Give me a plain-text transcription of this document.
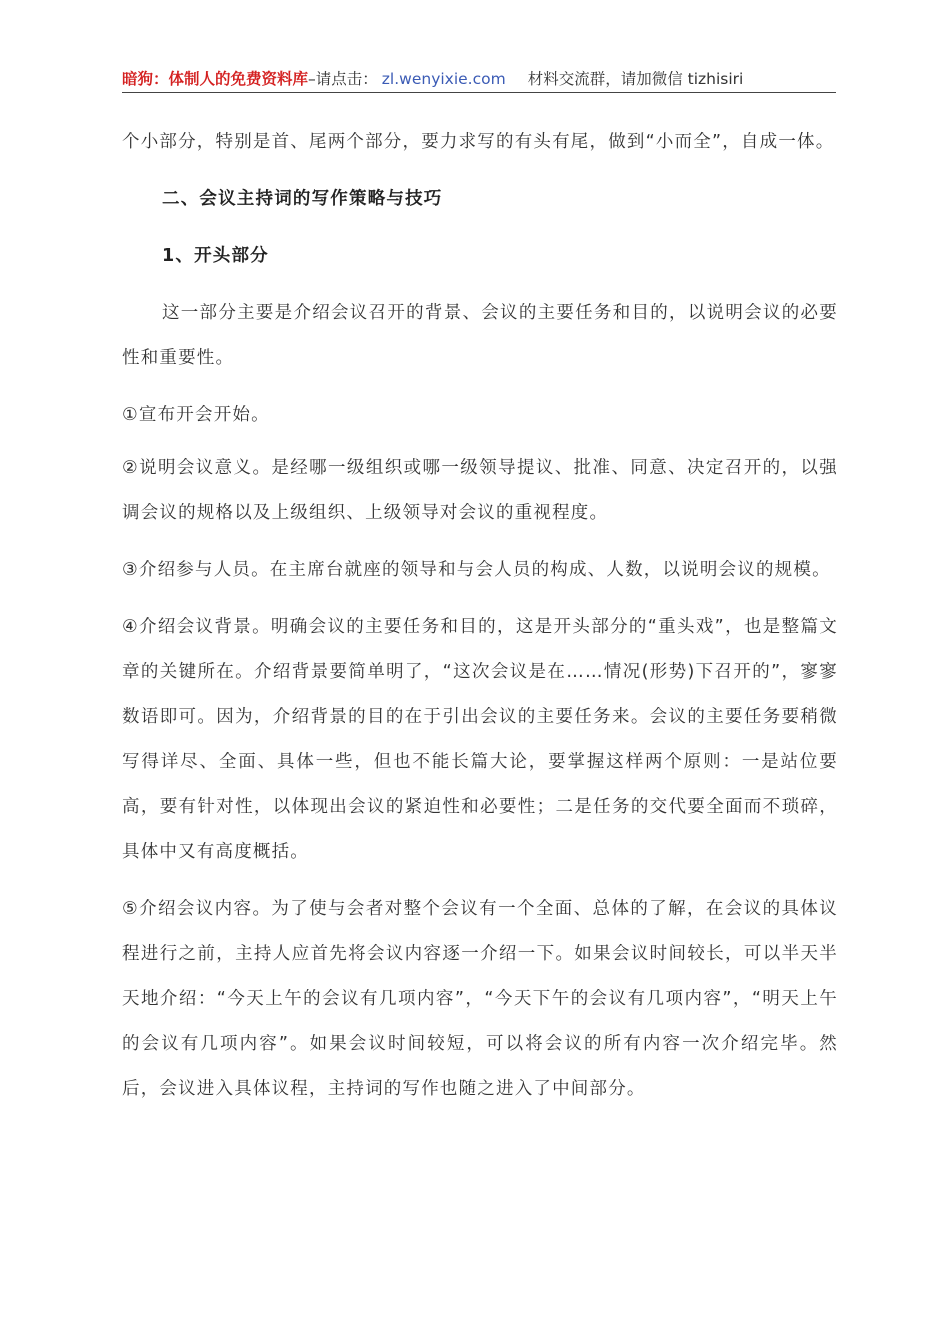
暗狗：体制人的免费资料库–请点击： zl.wenyixie.com 材料交流群，请加微信 tizhisiri

个小部分，特别是首、尾两个部分，要力求写的有头有尾，做到“小而全”，自成一体。

二、会议主持词的写作策略与技巧
1、开头部分

这一部分主要是介绍会议召开的背景、会议的主要任务和目的，以说明会议的必要性和重要性。

①宣布开会开始。

②说明会议意义。是经哪一级组织或哪一级领导提议、批准、同意、决定召开的，以强调会议的规格以及上级组织、上级领导对会议的重视程度。

③介绍参与人员。在主席台就座的领导和与会人员的构成、人数，以说明会议的规模。

④介绍会议背景。明确会议的主要任务和目的，这是开头部分的“重头戏”，也是整篇文章的关键所在。介绍背景要简单明了，“这次会议是在……情况(形势)下召开的”，寥寥数语即可。因为，介绍背景的目的在于引出会议的主要任务来。会议的主要任务要稍微写得详尽、全面、具体一些，但也不能长篇大论，要掌握这样两个原则：一是站位要高，要有针对性，以体现出会议的紧迫性和必要性；二是任务的交代要全面而不琐碎，具体中又有高度概括。

⑤介绍会议内容。为了使与会者对整个会议有一个全面、总体的了解，在会议的具体议程进行之前，主持人应首先将会议内容逐一介绍一下。如果会议时间较长，可以半天半天地介绍：“今天上午的会议有几项内容”，“今天下午的会议有几项内容”，“明天上午的会议有几项内容”。如果会议时间较短，可以将会议的所有内容一次介绍完毕。然后，会议进入具体议程，主持词的写作也随之进入了中间部分。
